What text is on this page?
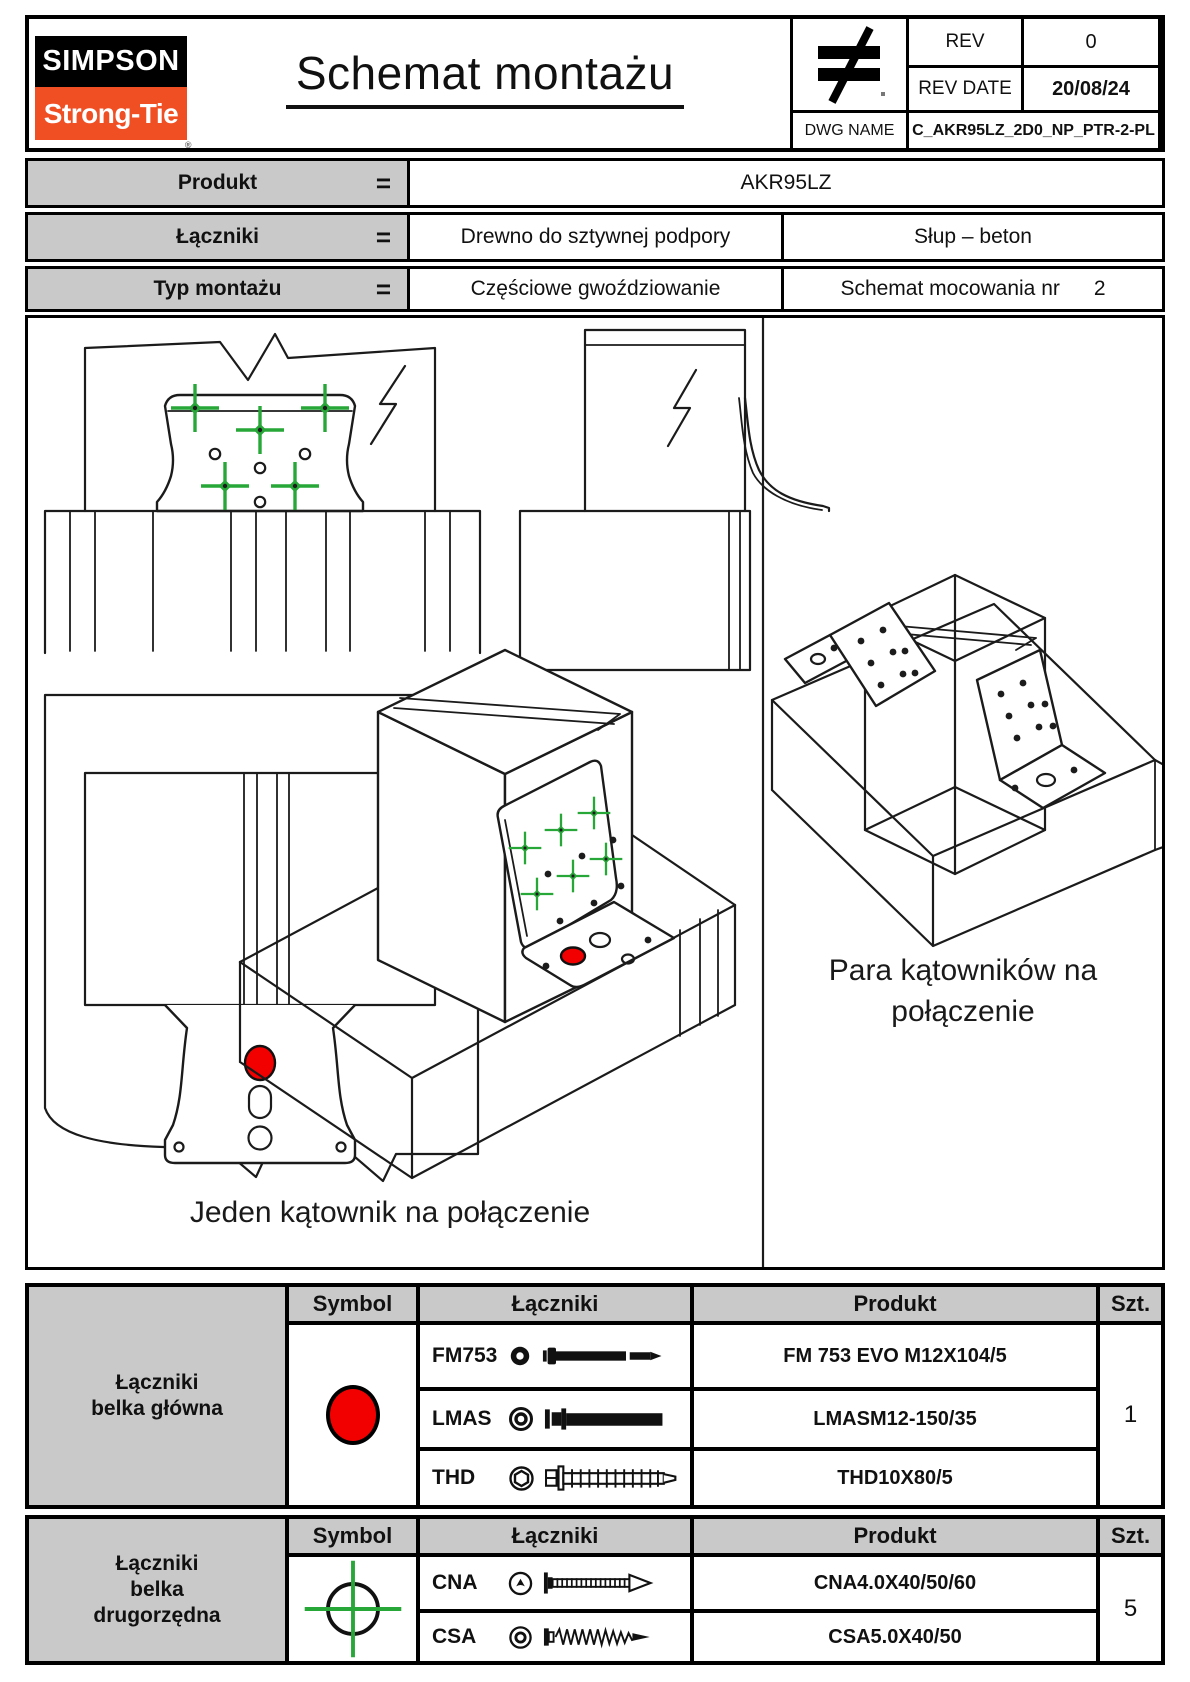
SIMPSON
Strong-Tie
®
Schemat montażu
REV	0
REV DATE	20/08/24
DWG NAME	C_AKR95LZ_2D0_NP_PTR-2-PL
Produkt	=	AKR95LZ
Łączniki	=	Drewno do sztywnej podpory	Słup – beton
Typ montażu	=	Częściowe gwoździowanie	Schemat mocowania nr 2
Jeden kątownik na połączenie
Para kątowników na
połączenie
Łączniki
belka główna
Symbol	Łączniki	Produkt	Szt.
FM753	FM 753 EVO M12X104/5
LMAS	LMASM12-150/35
THD	THD10X80/5
1
Łączniki
belka
drugorzędna
Symbol	Łączniki	Produkt	Szt.
CNA	CNA4.0X40/50/60
CSA	CSA5.0X40/50
5
